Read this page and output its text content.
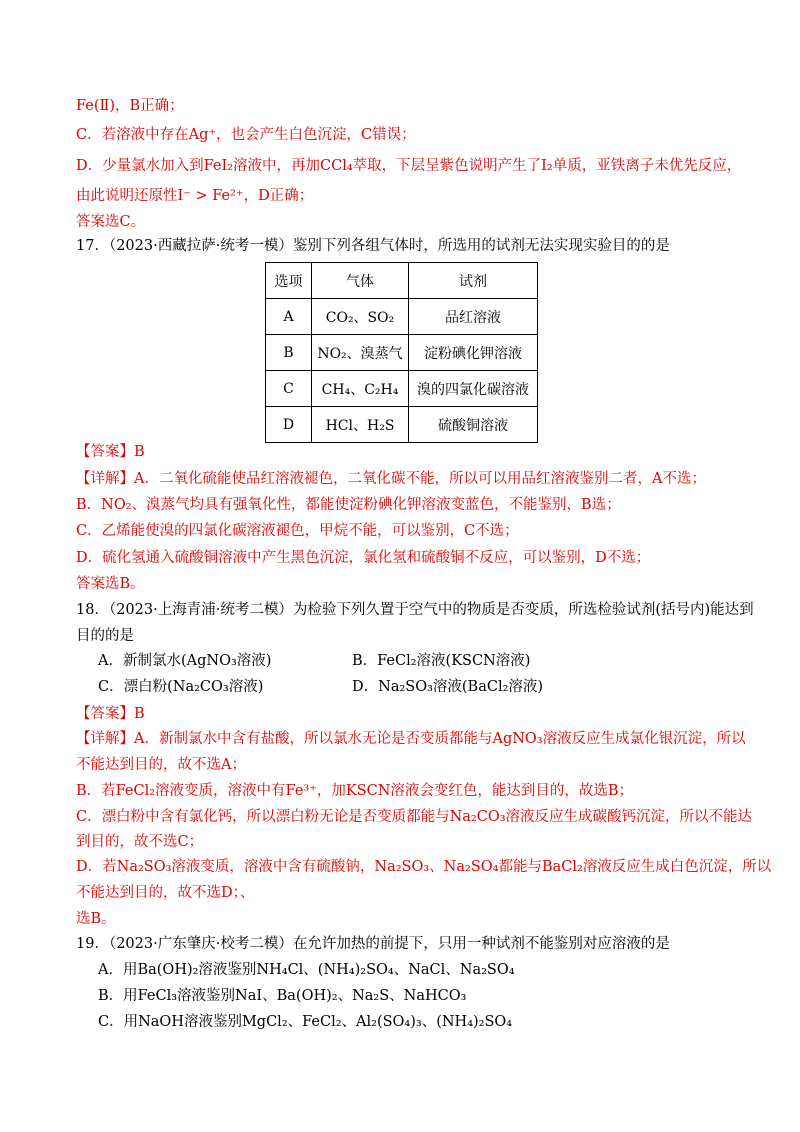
Fe(Ⅱ)，B正确；
C．若溶液中存在Ag⁺，也会产生白色沉淀，C错误；
D．少量氯水加入到FeI₂溶液中，再加CCl₄萃取，下层呈紫色说明产生了I₂单质，亚铁离子未优先反应，
由此说明还原性I⁻ > Fe²⁺，D正确；
答案选C。
17．（2023·西藏拉萨·统考一模）鉴别下列各组气体时，所选用的试剂无法实现实验目的的是
选项	气体	试剂
A	CO₂、SO₂	品红溶液
B	NO₂、溴蒸气	淀粉碘化钾溶液
C	CH₄、C₂H₄	溴的四氯化碳溶液
D	HCl、H₂S	硫酸铜溶液
【答案】B
【详解】A．二氧化硫能使品红溶液褪色，二氧化碳不能，所以可以用品红溶液鉴别二者，A不选；
B．NO₂、溴蒸气均具有强氧化性，都能使淀粉碘化钾溶液变蓝色，不能鉴别，B选；
C．乙烯能使溴的四氯化碳溶液褪色，甲烷不能，可以鉴别，C不选；
D．硫化氢通入硫酸铜溶液中产生黑色沉淀，氯化氢和硫酸铜不反应，可以鉴别，D不选；
答案选B。
18．（2023·上海青浦·统考二模）为检验下列久置于空气中的物质是否变质，所选检验试剂(括号内)能达到
目的的是
A．新制氯水(AgNO₃溶液)	B．FeCl₂溶液(KSCN溶液)
C．漂白粉(Na₂CO₃溶液)	D．Na₂SO₃溶液(BaCl₂溶液)
【答案】B
【详解】A．新制氯水中含有盐酸，所以氯水无论是否变质都能与AgNO₃溶液反应生成氯化银沉淀，所以
不能达到目的，故不选A；
B．若FeCl₂溶液变质，溶液中有Fe³⁺，加KSCN溶液会变红色，能达到目的，故选B；
C．漂白粉中含有氯化钙，所以漂白粉无论是否变质都能与Na₂CO₃溶液反应生成碳酸钙沉淀，所以不能达
到目的，故不选C；
D．若Na₂SO₃溶液变质，溶液中含有硫酸钠，Na₂SO₃、Na₂SO₄都能与BaCl₂溶液反应生成白色沉淀，所以
不能达到目的，故不选D；、
选B。
19．（2023·广东肇庆·校考二模）在允许加热的前提下，只用一种试剂不能鉴别对应溶液的是
A．用Ba(OH)₂溶液鉴别NH₄Cl、(NH₄)₂SO₄、NaCl、Na₂SO₄
B．用FeCl₃溶液鉴别NaI、Ba(OH)₂、Na₂S、NaHCO₃
C．用NaOH溶液鉴别MgCl₂、FeCl₂、Al₂(SO₄)₃、(NH₄)₂SO₄
